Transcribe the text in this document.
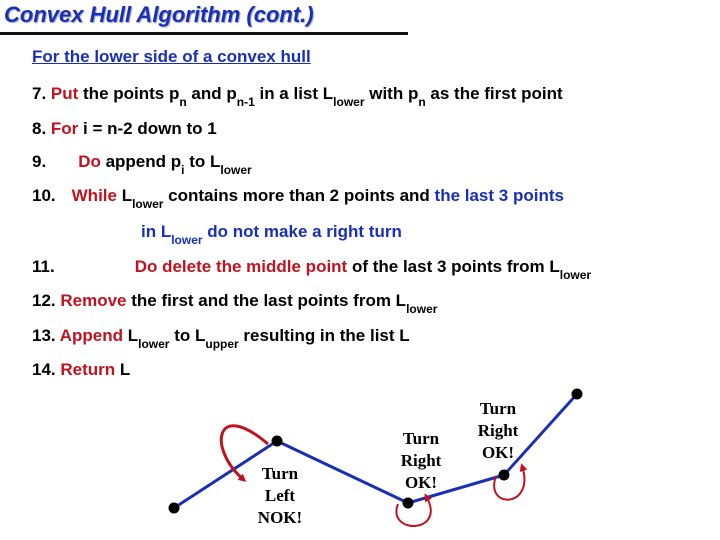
Convex Hull Algorithm (cont.)
For the lower side of a convex hull
7. Put the points $p_n$ and $p_{n-1}$ in a list $L_{lower}$ with $p_n$ as the first point
8. For i = n-2 down to 1
9. Do append $p_i$ to $L_{lower}$
10. While $L_{lower}$ contains more than 2 points and the last 3 points
in $L_{lower}$ do not make a right turn
11.	Do delete the middle point of the last 3 points from $L_{lower}$
12. Remove the first and the last points from $L_{lower}$
13. Append $L_{lower}$ to $L_{upper}$ resulting in the list L
14. Return L
Turn
Left
NOK!
Turn
Right
OK!
Turn
Right
OK!
